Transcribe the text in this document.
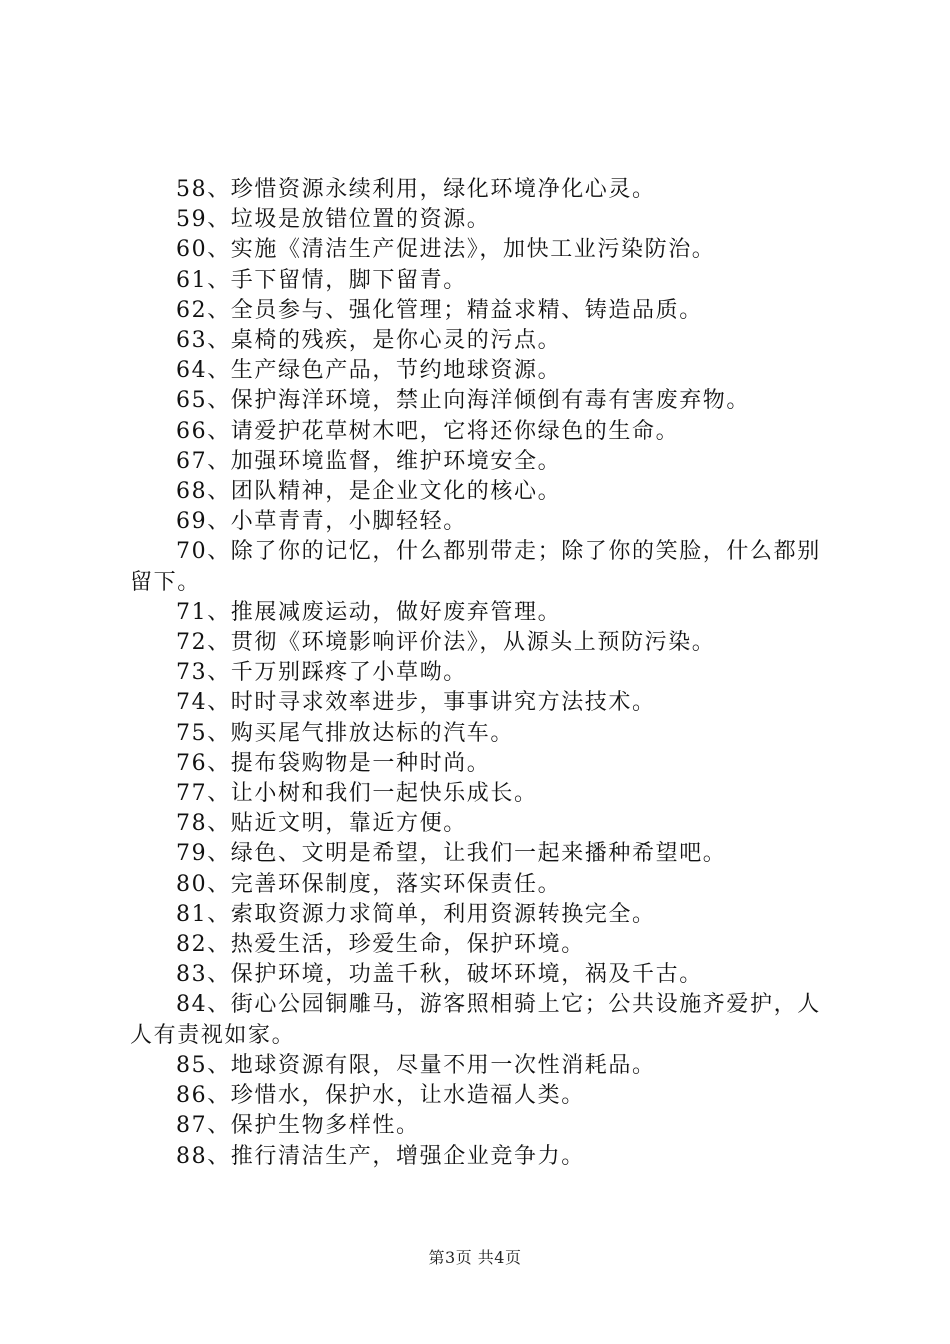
58、珍惜资源永续利用，绿化环境净化心灵。

59、垃圾是放错位置的资源。

60、实施《清洁生产促进法》，加快工业污染防治。

61、手下留情，脚下留青。

62、全员参与、强化管理；精益求精、铸造品质。

63、桌椅的残疾，是你心灵的污点。

64、生产绿色产品，节约地球资源。

65、保护海洋环境，禁止向海洋倾倒有毒有害废弃物。

66、请爱护花草树木吧，它将还你绿色的生命。

67、加强环境监督，维护环境安全。

68、团队精神，是企业文化的核心。

69、小草青青，小脚轻轻。

70、除了你的记忆，什么都别带走；除了你的笑脸，什么都别留下。

71、推展减废运动，做好废弃管理。

72、贯彻《环境影响评价法》，从源头上预防污染。

73、千万别踩疼了小草呦。

74、时时寻求效率进步，事事讲究方法技术。

75、购买尾气排放达标的汽车。

76、提布袋购物是一种时尚。

77、让小树和我们一起快乐成长。

78、贴近文明，靠近方便。

79、绿色、文明是希望，让我们一起来播种希望吧。

80、完善环保制度，落实环保责任。

81、索取资源力求简单，利用资源转换完全。

82、热爱生活，珍爱生命，保护环境。

83、保护环境，功盖千秋，破坏环境，祸及千古。

84、街心公园铜雕马，游客照相骑上它；公共设施齐爱护，人人有责视如家。

85、地球资源有限，尽量不用一次性消耗品。

86、珍惜水，保护水，让水造福人类。

87、保护生物多样性。

88、推行清洁生产，增强企业竞争力。

第3页 共4页
